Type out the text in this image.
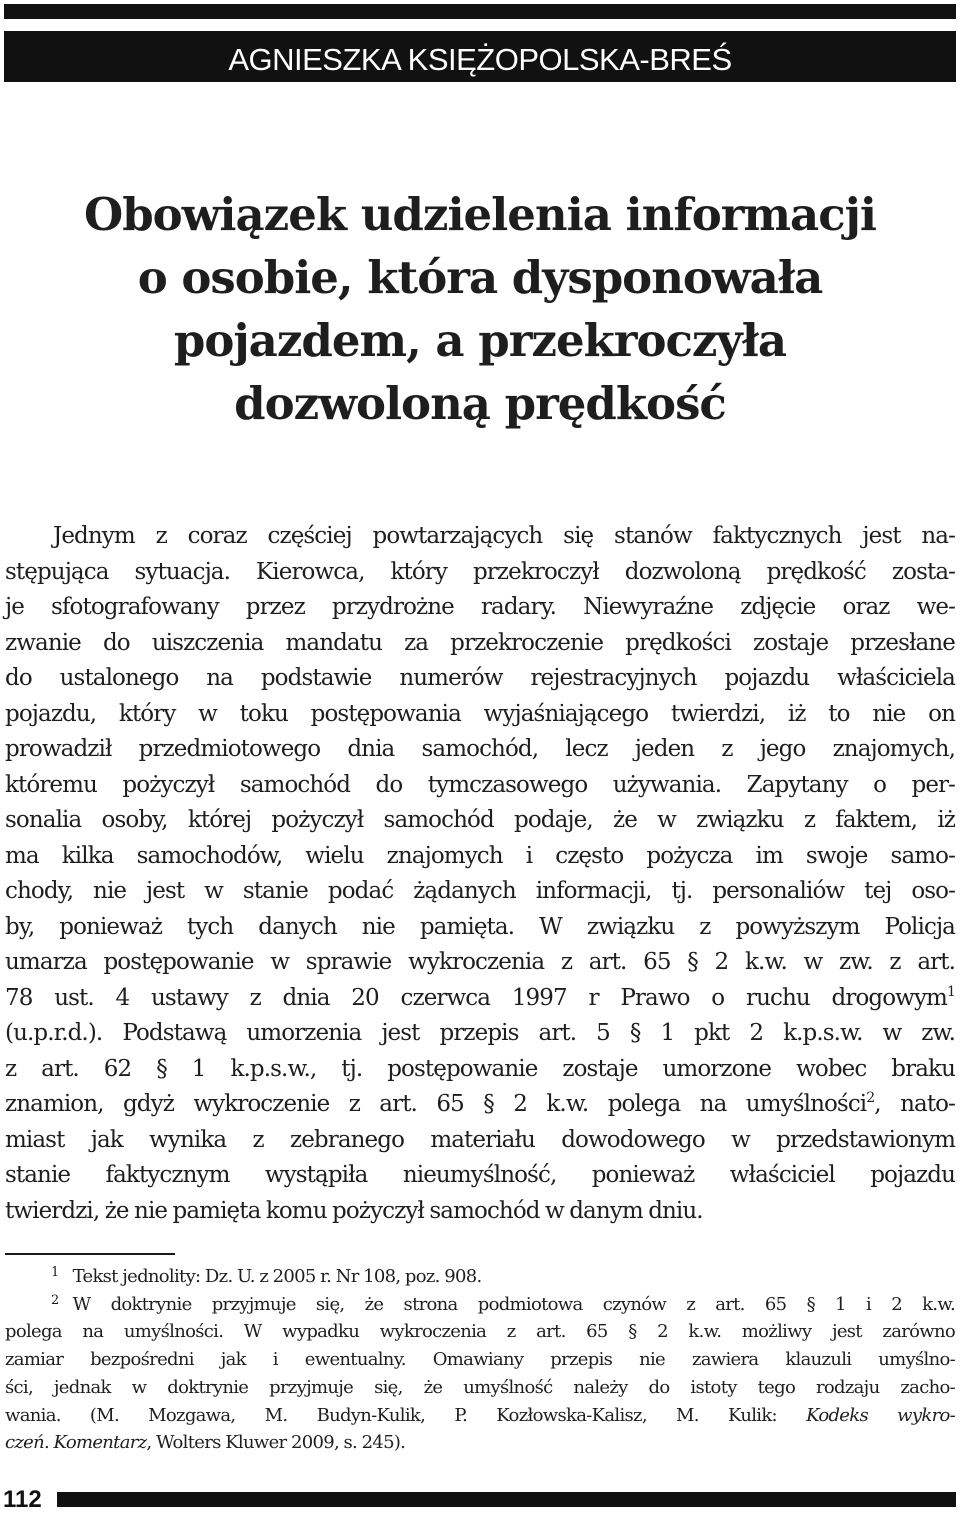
AGNIESZKA KSIĘŻOPOLSKA-BREŚ
Obowiązek udzielenia informacji
o osobie, która dysponowała
pojazdem, a przekroczyła
dozwoloną prędkość
Jednym z coraz częściej powtarzających się stanów faktycznych jest na-
stępująca sytuacja. Kierowca, który przekroczył dozwoloną prędkość zosta-
je sfotografowany przez przydrożne radary. Niewyraźne zdjęcie oraz we-
zwanie do uiszczenia mandatu za przekroczenie prędkości zostaje przesłane
do ustalonego na podstawie numerów rejestracyjnych pojazdu właściciela
pojazdu, który w toku postępowania wyjaśniającego twierdzi, iż to nie on
prowadził przedmiotowego dnia samochód, lecz jeden z jego znajomych,
któremu pożyczył samochód do tymczasowego używania. Zapytany o per-
sonalia osoby, której pożyczył samochód podaje, że w związku z faktem, iż
ma kilka samochodów, wielu znajomych i często pożycza im swoje samo-
chody, nie jest w stanie podać żądanych informacji, tj. personaliów tej oso-
by, ponieważ tych danych nie pamięta. W związku z powyższym Policja
umarza postępowanie w sprawie wykroczenia z art. 65 § 2 k.w. w zw. z art.
78 ust. 4 ustawy z dnia 20 czerwca 1997 r Prawo o ruchu drogowym$^1$
(u.p.r.d.). Podstawą umorzenia jest przepis art. 5 § 1 pkt 2 k.p.s.w. w zw.
z art. 62 § 1 k.p.s.w., tj. postępowanie zostaje umorzone wobec braku
znamion, gdyż wykroczenie z art. 65 § 2 k.w. polega na umyślności$^2$, nato-
miast jak wynika z zebranego materiału dowodowego w przedstawionym
stanie faktycznym wystąpiła nieumyślność, ponieważ właściciel pojazdu
twierdzi, że nie pamięta komu pożyczył samochód w danym dniu.
1 Tekst jednolity: Dz. U. z 2005 r. Nr 108, poz. 908.
2 W doktrynie przyjmuje się, że strona podmiotowa czynów z art. 65 § 1 i 2 k.w.
polega na umyślności. W wypadku wykroczenia z art. 65 § 2 k.w. możliwy jest zarówno
zamiar bezpośredni jak i ewentualny. Omawiany przepis nie zawiera klauzuli umyślno-
ści, jednak w doktrynie przyjmuje się, że umyślność należy do istoty tego rodzaju zacho-
wania. (M. Mozgawa, M. Budyn-Kulik, P. Kozłowska-Kalisz, M. Kulik: Kodeks wykro-
czeń. Komentarz, Wolters Kluwer 2009, s. 245).
112
